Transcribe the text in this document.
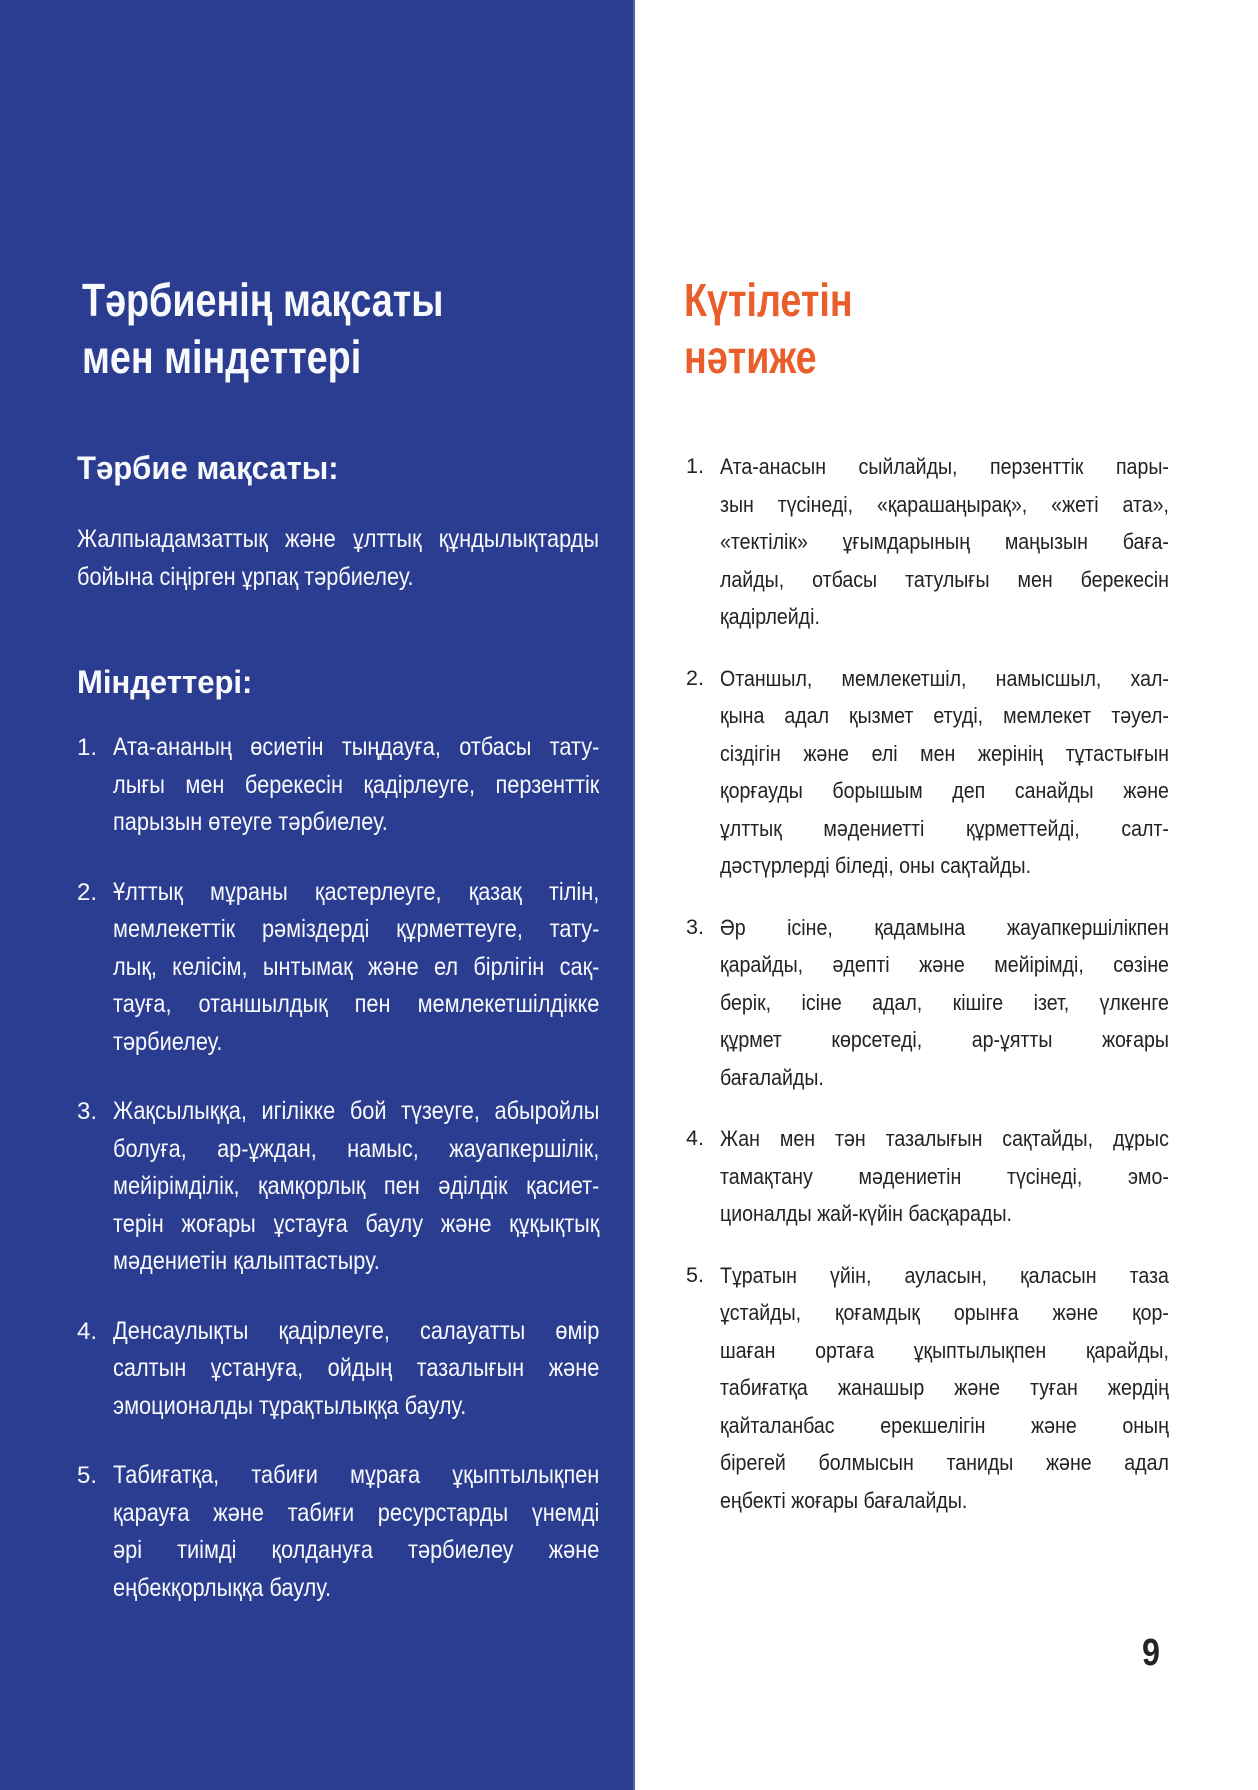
Тәрбиенің мақсаты
мен міндеттері
Тәрбие мақсаты:
Жалпыадамзаттық және ұлттық құндылықтарды
бойына сіңірген ұрпақ тәрбиелеу.
Міндеттері:
1. Ата-ананың өсиетін тыңдауға, отбасы тату-
лығы мен берекесін қадірлеуге, перзенттік
парызын өтеуге тәрбиелеу.
2. Ұлттық мұраны қастерлеуге, қазақ тілін,
мемлекеттік рәміздерді құрметтеуге, тату-
лық, келісім, ынтымақ және ел бірлігін сақ-
тауға, отаншылдық пен мемлекетшілдікке
тәрбиелеу.
3. Жақсылыққа, игілікке бой түзеуге, абыройлы
болуға, ар-ұждан, намыс, жауапкершілік,
мейірімділік, қамқорлық пен әділдік қасиет-
терін жоғары ұстауға баулу және құқықтық
мәдениетін қалыптастыру.
4. Денсаулықты қадірлеуге, салауатты өмір
салтын ұстануға, ойдың тазалығын және
эмоционалды тұрақтылыққа баулу.
5. Табиғатқа, табиғи мұраға ұқыптылықпен
қарауға және табиғи ресурстарды үнемді
әрі тиімді қолдануға тәрбиелеу және
еңбекқорлыққа баулу.
Күтілетін
нәтиже
1. Ата-анасын сыйлайды, перзенттік пары-
зын түсінеді, «қарашаңырақ», «жеті ата»,
«тектілік» ұғымдарының маңызын баға-
лайды, отбасы татулығы мен берекесін
қадірлейді.
2. Отаншыл, мемлекетшіл, намысшыл, хал-
қына адал қызмет етуді, мемлекет тәуел-
сіздігін және елі мен жерінің тұтастығын
қорғауды борышым деп санайды және
ұлттық мәдениетті құрметтейді, салт-
дәстүрлерді біледі, оны сақтайды.
3. Әр ісіне, қадамына жауапкершілікпен
қарайды, әдепті және мейірімді, сөзіне
берік, ісіне адал, кішіге ізет, үлкенге
құрмет көрсетеді, ар-ұятты жоғары
бағалайды.
4. Жан мен тән тазалығын сақтайды, дұрыс
тамақтану мәдениетін түсінеді, эмо-
ционалды жай-күйін басқарады.
5. Тұратын үйін, ауласын, қаласын таза
ұстайды, қоғамдық орынға және қор-
шаған ортаға ұқыптылықпен қарайды,
табиғатқа жанашыр және туған жердің
қайталанбас ерекшелігін және оның
бірегей болмысын таниды және адал
еңбекті жоғары бағалайды.
9
